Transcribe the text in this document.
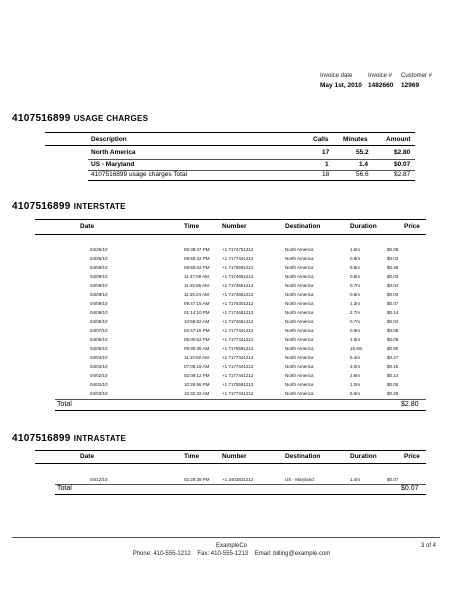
Invoice date	Invoice # Customer #
May 1st, 2010 1482660 12969
4107516899 USAGE CHARGES
Description	Calls Minutes	Amount
North America	17	55.2	$2.80
US - Maryland	1	1.4	$0.07
4107516899 usage charges Total	18	56.6	$2.87
4107516899 INTERSTATE
Date	Time	Number	Destination	Duration	Price
04/26/10	06:38:47 PM	+1 7174751212	North America	1.5m	$0.08
04/25/10	09:50:32 PM	+1 7177441212	North America	0.8m	$0.03
04/09/10	09:50:02 PM	+1 7175591212	North America	9.8m	$0.49
04/09/10	11:47:09 AM	+1 7174651212	North America	0.6m	$0.03
04/09/10	11:45:56 AM	+1 7174651212	North America	0.7m	$0.04
04/09/10	11:45:24 AM	+1 7174651212	North America	0.6m	$0.03
04/09/10	09:47:15 AM	+1 7176301212	North America	1.3m	$0.07
04/09/10	01:14:10 PM	+1 7174651212	North America	2.7m	$0.14
04/06/10	10:56:52 AM	+1 7174651212	North America	0.7m	$0.04
04/07/10	02:47:15 PM	+1 7177441212	North America	0.9m	$0.05
04/05/10	05:00:52 PM	+1 7177441212	North America	1.5m	$0.08
04/05/10	09:30:35 AM	+1 7175591212	North America	15.9m	$0.80
04/04/10	11:10:50 AM	+1 7177441212	North America	5.4m	$0.27
04/04/10	07:06:18 AM	+1 7177441212	North America	3.0m	$0.15
04/02/10	02:06:12 PM	+1 7177441212	North America	2.6m	$0.14
04/02/10	10:26:56 PM	+1 7175591212	North America	1.0m	$0.05
04/03/10	10:32:32 AM	+1 7177441212	North America	5.6m	$0.29
Total	$2.80
4107516899 INTRASTATE
Date	Time	Number	Destination	Duration	Price
04/12/10	02:29:38 PM	+1 2403821212	US - Maryland	1.4m	$0.07
Total	$0.07
ExampleCo
Phone: 410-555-1212    Fax: 410-555-1213    Email: billing@example.com
3 of 4
